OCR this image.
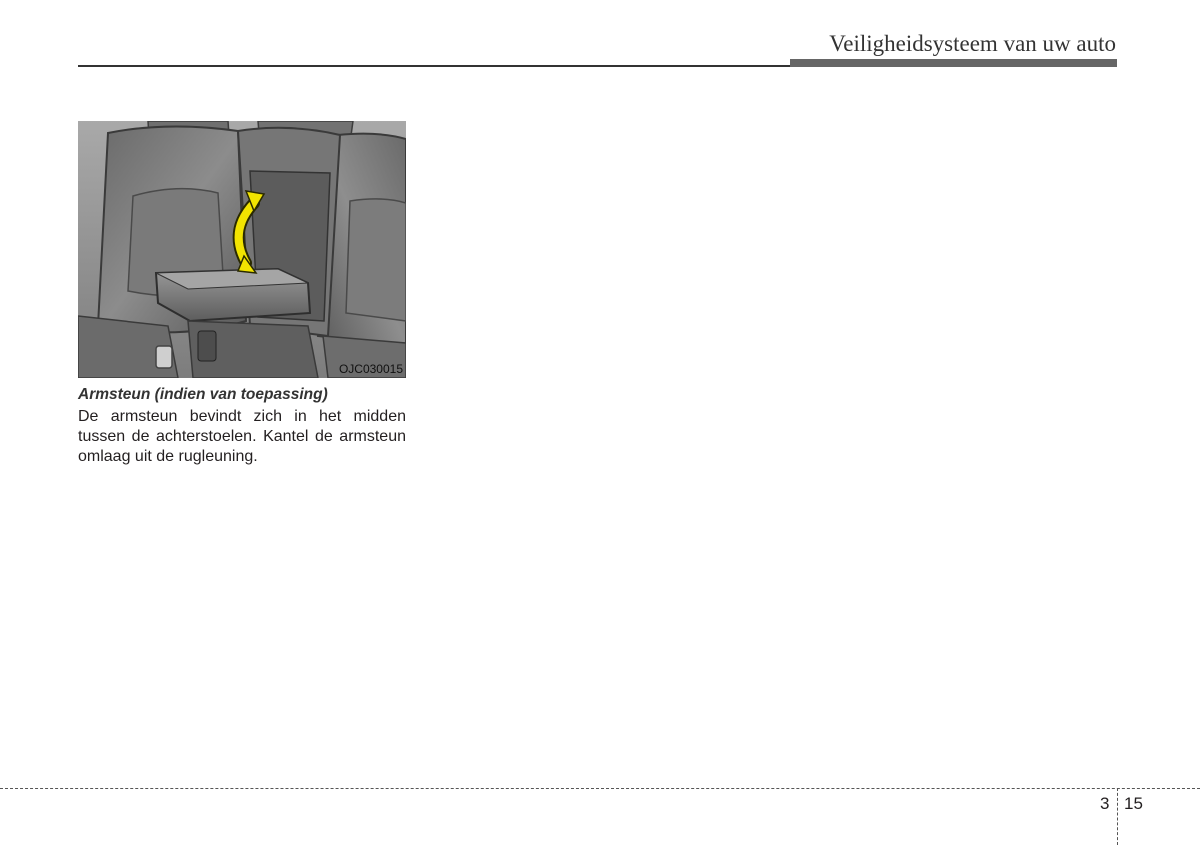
Veiligheidsysteem van uw auto
OJC030015
Armsteun (indien van toepassing)
De armsteun bevindt zich in het midden tussen de achterstoelen. Kantel de armsteun omlaag uit de rugleuning.
3 15
